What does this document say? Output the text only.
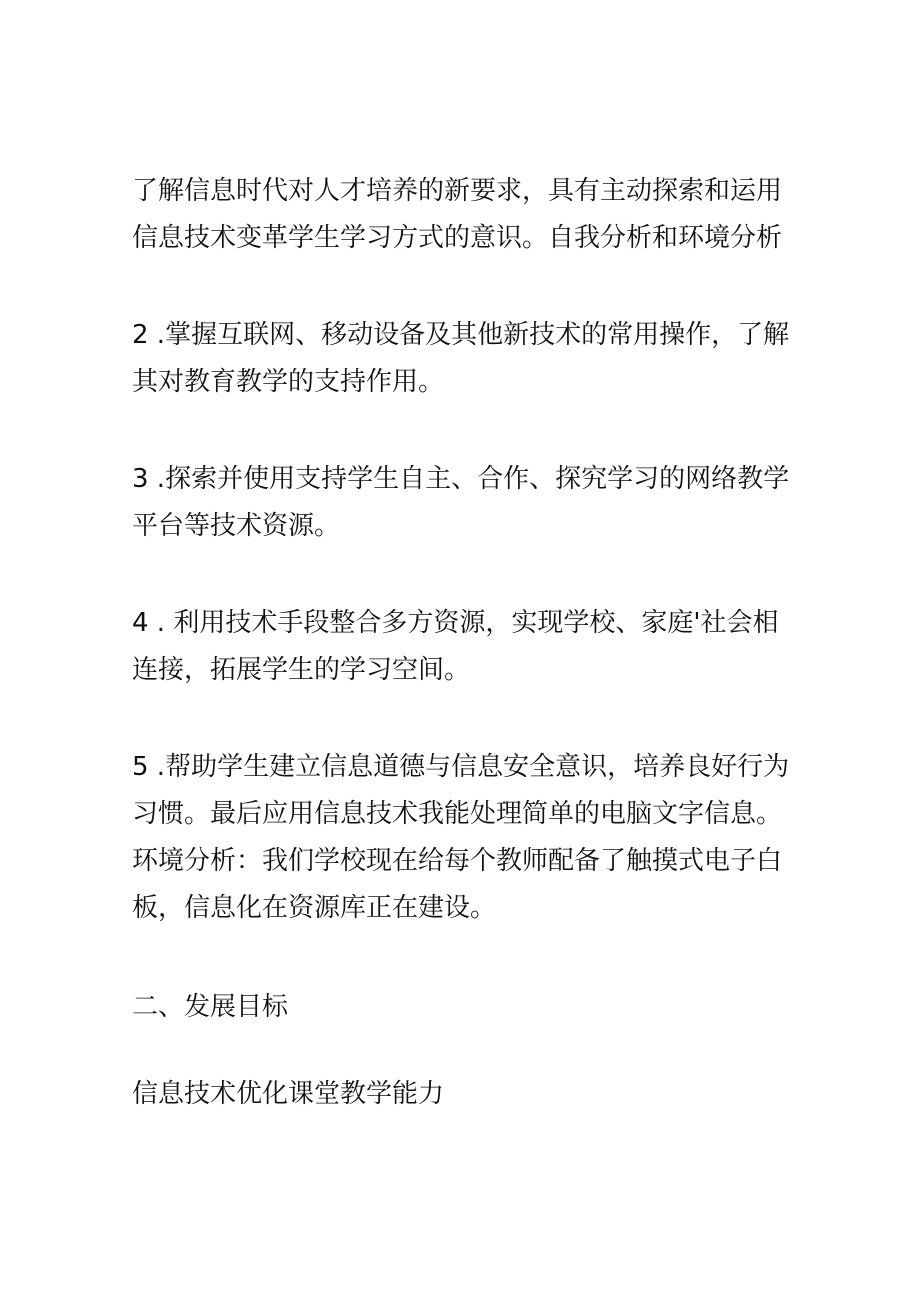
了解信息时代对人才培养的新要求，具有主动探索和运用
信息技术变革学生学习方式的意识。自我分析和环境分析

2 .掌握互联网、移动设备及其他新技术的常用操作，了解
其对教育教学的支持作用。

3 .探索并使用支持学生自主、合作、探究学习的网络教学
平台等技术资源。

4 . 利用技术手段整合多方资源，实现学校、家庭'社会相
连接，拓展学生的学习空间。

5 .帮助学生建立信息道德与信息安全意识，培养良好行为
习惯。最后应用信息技术我能处理简单的电脑文字信息。
环境分析：我们学校现在给每个教师配备了触摸式电子白
板，信息化在资源库正在建设。

二、发展目标

信息技术优化课堂教学能力
